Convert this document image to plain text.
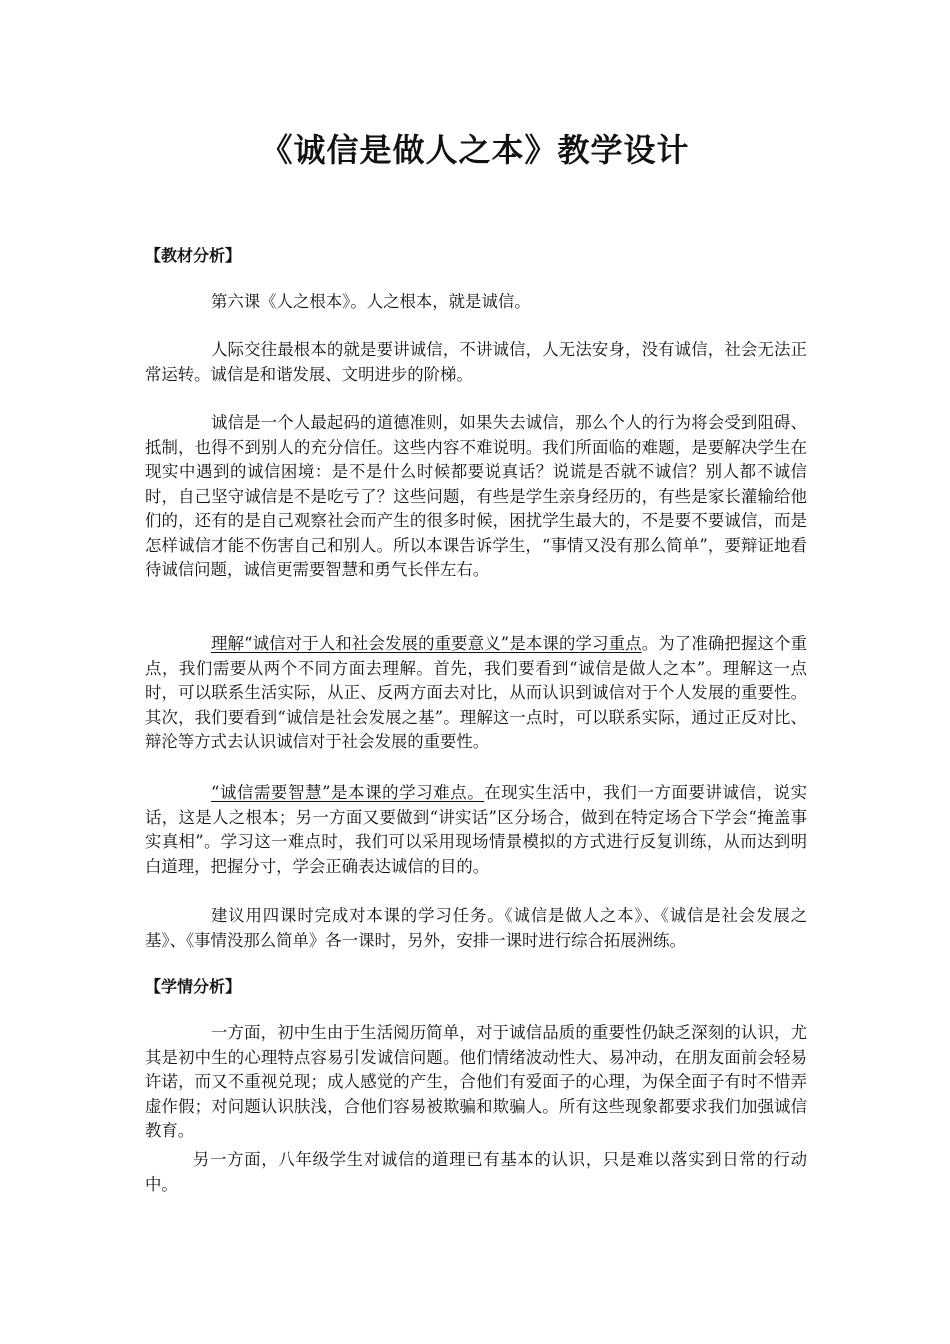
《诚信是做人之本》教学设计
【教材分析】

第六课《人之根本》。人之根本，就是诚信。

人际交往最根本的就是要讲诚信，不讲诚信，人无法安身，没有诚信，社会无法正常运转。诚信是和谐发展、文明进步的阶梯。

诚信是一个人最起码的道德准则，如果失去诚信，那么个人的行为将会受到阻碍、抵制，也得不到别人的充分信任。这些内容不难说明。我们所面临的难题，是要解决学生在现实中遇到的诚信困境：是不是什么时候都要说真话？说谎是否就不诚信？别人都不诚信时，自己坚守诚信是不是吃亏了？这些问题，有些是学生亲身经历的，有些是家长灌输给他们的，还有的是自己观察社会而产生的很多时候，困扰学生最大的，不是要不要诚信，而是怎样诚信才能不伤害自己和别人。所以本课告诉学生，“事情又没有那么简单”，要辩证地看待诚信问题，诚信更需要智慧和勇气长伴左右。

理解“诚信对于人和社会发展的重要意义”是本课的学习重点。为了准确把握这个重点，我们需要从两个不同方面去理解。首先，我们要看到“诚信是做人之本”。理解这一点时，可以联系生活实际，从正、反两方面去对比，从而认识到诚信对于个人发展的重要性。其次，我们要看到“诚信是社会发展之基”。理解这一点时，可以联系实际，通过正反对比、辩沦等方式去认识诚信对于社会发展的重要性。

“诚信需要智慧”是本课的学习难点。在现实生活中，我们一方面要讲诚信，说实话，这是人之根本；另一方面又要做到“讲实话”区分场合，做到在特定场合下学会“掩盖事实真相”。学习这一难点时，我们可以采用现场情景模拟的方式进行反复训练，从而达到明白道理，把握分寸，学会正确表达诚信的目的。

建议用四课时完成对本课的学习任务。《诚信是做人之本》、《诚信是社会发展之基》、《事情没那么简单》各一课时，另外，安排一课时进行综合拓展洲练。

【学情分析】

一方面，初中生由于生活阅历简单，对于诚信品质的重要性仍缺乏深刻的认识，尤其是初中生的心理特点容易引发诚信问题。他们情绪波动性大、易冲动，在朋友面前会轻易许诺，而又不重视兑现；成人感觉的产生，合他们有爱面子的心理，为保全面子有时不惜弄虚作假；对问题认识肤浅，合他们容易被欺骗和欺骗人。所有这些现象都要求我们加强诚信教育。

另一方面，八年级学生对诚信的道理已有基本的认识，只是难以落实到日常的行动中。
